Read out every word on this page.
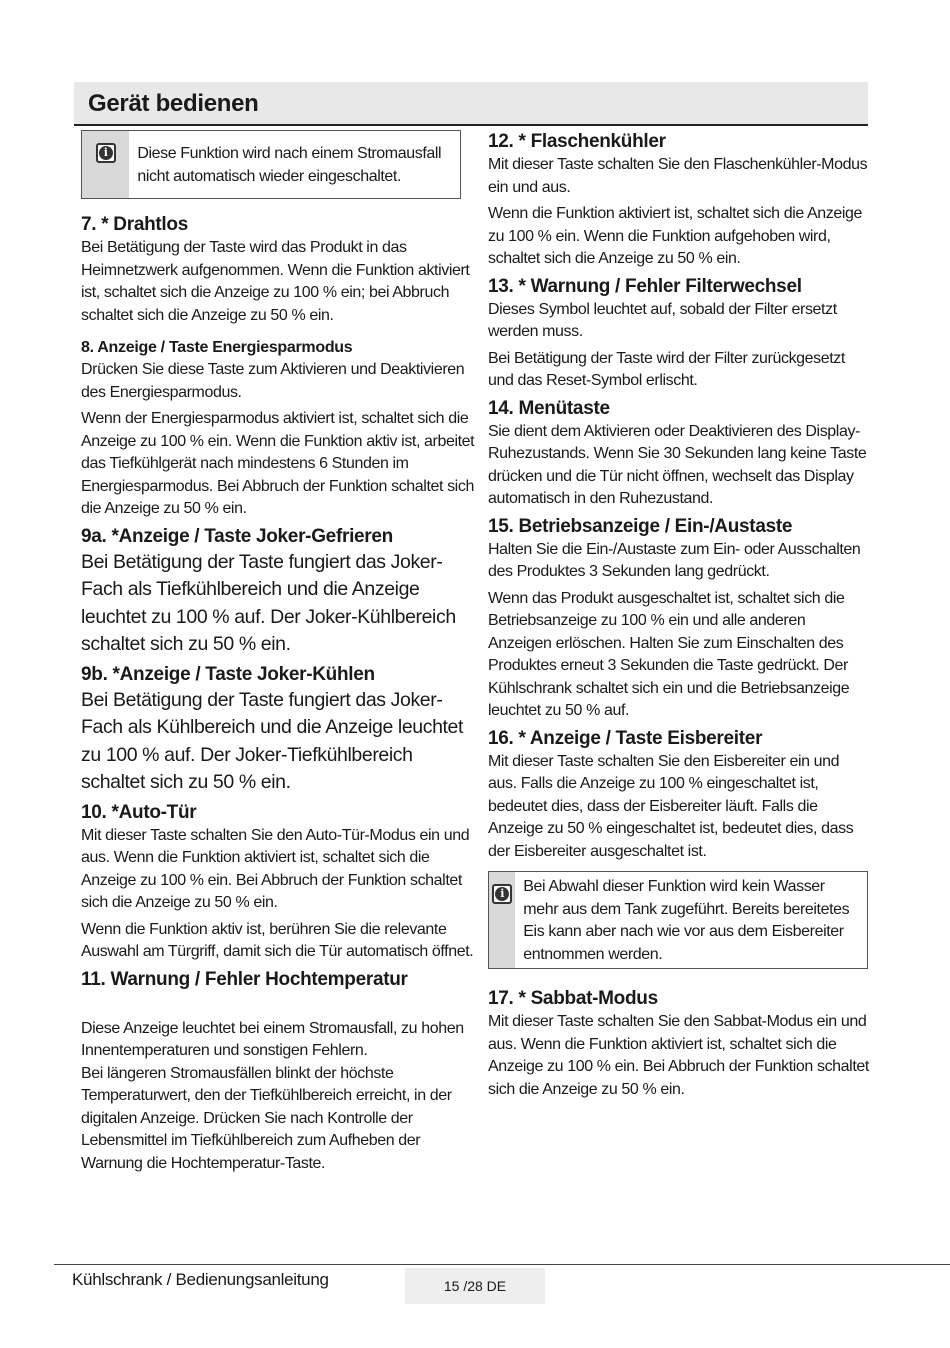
Gerät bedienen
i	Diese Funktion wird nach einem Stromausfall nicht automatisch wieder eingeschaltet.
7. * Drahtlos

Bei Betätigung der Taste wird das Produkt in das Heimnetzwerk aufgenommen. Wenn die Funktion aktiviert ist, schaltet sich die Anzeige zu 100 % ein; bei Abbruch schaltet sich die Anzeige zu 50 % ein.

8. Anzeige / Taste Energiesparmodus

Drücken Sie diese Taste zum Aktivieren und Deaktivieren des Energiesparmodus.

Wenn der Energiesparmodus aktiviert ist, schaltet sich die Anzeige zu 100 % ein. Wenn die Funktion aktiv ist, arbeitet das Tiefkühlgerät nach mindestens 6 Stunden im Energiesparmodus. Bei Abbruch der Funktion schaltet sich die Anzeige zu 50 % ein.

9a. *Anzeige / Taste Joker-Gefrieren

Bei Betätigung der Taste fungiert das Joker-Fach als Tiefkühlbereich und die Anzeige leuchtet zu 100 % auf. Der Joker-Kühlbereich schaltet sich zu 50 % ein.

9b. *Anzeige / Taste Joker-Kühlen

Bei Betätigung der Taste fungiert das Joker-Fach als Kühlbereich und die Anzeige leuchtet zu 100 % auf. Der Joker-Tiefkühlbereich schaltet sich zu 50 % ein.

10. *Auto-Tür

Mit dieser Taste schalten Sie den Auto-Tür-Modus ein und aus. Wenn die Funktion aktiviert ist, schaltet sich die Anzeige zu 100 % ein. Bei Abbruch der Funktion schaltet sich die Anzeige zu 50 % ein.

Wenn die Funktion aktiv ist, berühren Sie die relevante Auswahl am Türgriff, damit sich die Tür automatisch öffnet.

11. Warnung / Fehler Hochtemperatur

Diese Anzeige leuchtet bei einem Stromausfall, zu hohen Innentemperaturen und sonstigen Fehlern.

Bei längeren Stromausfällen blinkt der höchste Temperaturwert, den der Tiefkühlbereich erreicht, in der digitalen Anzeige. Drücken Sie nach Kontrolle der Lebensmittel im Tiefkühlbereich zum Aufheben der Warnung die Hochtemperatur-Taste.

12. * Flaschenkühler

Mit dieser Taste schalten Sie den Flaschenkühler-Modus ein und aus.

Wenn die Funktion aktiviert ist, schaltet sich die Anzeige zu 100 % ein. Wenn die Funktion aufgehoben wird, schaltet sich die Anzeige zu 50 % ein.

13. * Warnung / Fehler Filterwechsel

Dieses Symbol leuchtet auf, sobald der Filter ersetzt werden muss.

Bei Betätigung der Taste wird der Filter zurückgesetzt und das Reset-Symbol erlischt.

14. Menütaste

Sie dient dem Aktivieren oder Deaktivieren des Display-Ruhezustands. Wenn Sie 30 Sekunden lang keine Taste drücken und die Tür nicht öffnen, wechselt das Display automatisch in den Ruhezustand.

15. Betriebsanzeige / Ein-/Austaste

Halten Sie die Ein-/Austaste zum Ein- oder Ausschalten des Produktes 3 Sekunden lang gedrückt.

Wenn das Produkt ausgeschaltet ist, schaltet sich die Betriebsanzeige zu 100 % ein und alle anderen Anzeigen erlöschen. Halten Sie zum Einschalten des Produktes erneut 3 Sekunden die Taste gedrückt. Der Kühlschrank schaltet sich ein und die Betriebsanzeige leuchtet zu 50 % auf.

16. * Anzeige / Taste Eisbereiter

Mit dieser Taste schalten Sie den Eisbereiter ein und aus. Falls die Anzeige zu 100 % eingeschaltet ist, bedeutet dies, dass der Eisbereiter läuft. Falls die Anzeige zu 50 % eingeschaltet ist, bedeutet dies, dass der Eisbereiter ausgeschaltet ist.

i	Bei Abwahl dieser Funktion wird kein Wasser mehr aus dem Tank zugeführt. Bereits bereitetes Eis kann aber nach wie vor aus dem Eisbereiter entnommen werden.
17. * Sabbat-Modus

Mit dieser Taste schalten Sie den Sabbat-Modus ein und aus. Wenn die Funktion aktiviert ist, schaltet sich die Anzeige zu 100 % ein. Bei Abbruch der Funktion schaltet sich die Anzeige zu 50 % ein.

Kühlschrank / Bedienungsanleitung	15 /28 DE
